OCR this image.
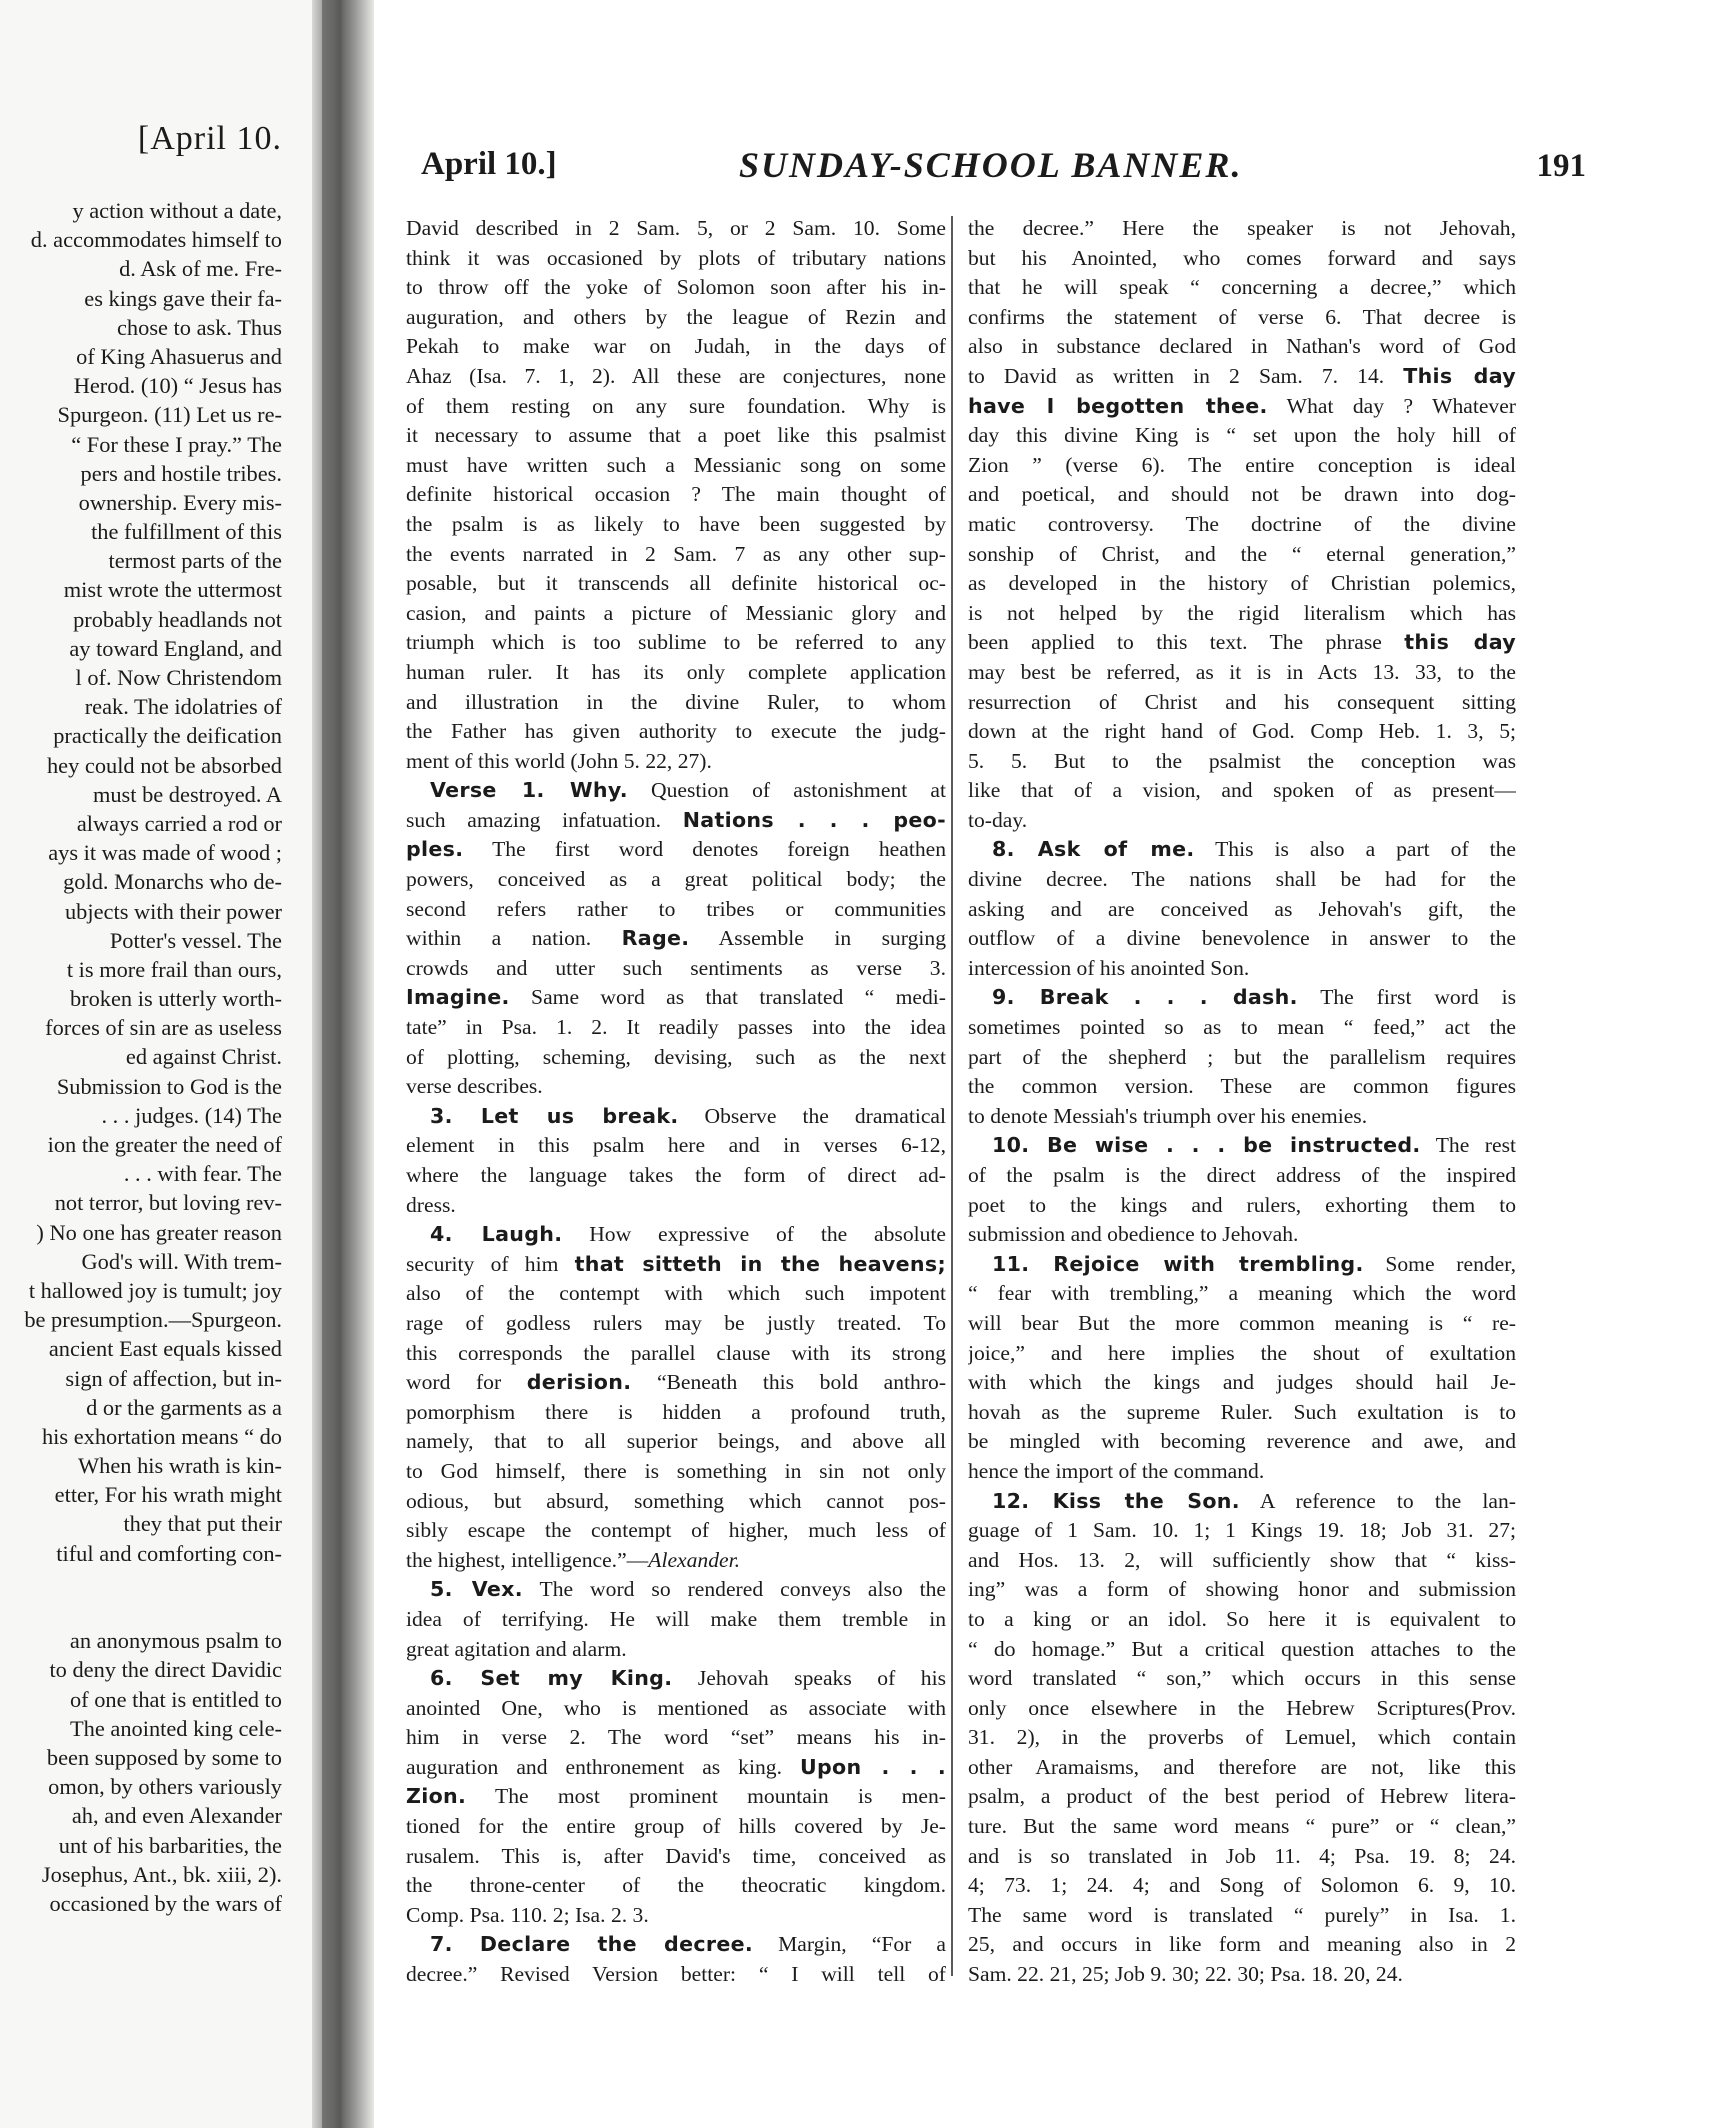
[April 10.
y action without a date,
d. accommodates himself to
d. Ask of me. Fre-
es kings gave their fa-
chose to ask. Thus
of King Ahasuerus and
Herod. (10) “ Jesus has
Spurgeon. (11) Let us re-
“ For these I pray.” The
pers and hostile tribes.
ownership. Every mis-
the fulfillment of this
termost parts of the
mist wrote the uttermost
probably headlands not
ay toward England, and
l of. Now Christendom
reak. The idolatries of
practically the deification
hey could not be absorbed
must be destroyed. A
always carried a rod or
ays it was made of wood ;
gold. Monarchs who de-
ubjects with their power
Potter's vessel. The
t is more frail than ours,
broken is utterly worth-
forces of sin are as useless
ed against Christ.
Submission to God is the
. . . judges. (14) The
ion the greater the need of
. . . with fear. The
not terror, but loving rev-
) No one has greater reason
God's will. With trem-
t hallowed joy is tumult; joy
be presumption.—Spurgeon.
ancient East equals kissed
sign of affection, but in-
d or the garments as a
his exhortation means “ do
When his wrath is kin-
etter, For his wrath might
they that put their
tiful and comforting con-
an anonymous psalm to
to deny the direct Davidic
of one that is entitled to
The anointed king cele-
been supposed by some to
omon, by others variously
ah, and even Alexander
unt of his barbarities, the
Josephus, Ant., bk. xiii, 2).
occasioned by the wars of
April 10.]	SUNDAY-SCHOOL BANNER.	191
David described in 2 Sam. 5, or 2 Sam. 10. Some
think it was occasioned by plots of tributary nations
to throw off the yoke of Solomon soon after his in-
auguration, and others by the league of Rezin and
Pekah to make war on Judah, in the days of
Ahaz (Isa. 7. 1, 2). All these are conjectures, none
of them resting on any sure foundation. Why is
it necessary to assume that a poet like this psalmist
must have written such a Messianic song on some
definite historical occasion ? The main thought of
the psalm is as likely to have been suggested by
the events narrated in 2 Sam. 7 as any other sup-
posable, but it transcends all definite historical oc-
casion, and paints a picture of Messianic glory and
triumph which is too sublime to be referred to any
human ruler. It has its only complete application
and illustration in the divine Ruler, to whom
the Father has given authority to execute the judg-
ment of this world (John 5. 22, 27).
Verse 1. Why. Question of astonishment at
such amazing infatuation. Nations . . . peo-
ples. The first word denotes foreign heathen
powers, conceived as a great political body; the
second refers rather to tribes or communities
within a nation. Rage. Assemble in surging
crowds and utter such sentiments as verse 3.
Imagine. Same word as that translated “ medi-
tate” in Psa. 1. 2. It readily passes into the idea
of plotting, scheming, devising, such as the next
verse describes.
3. Let us break. Observe the dramatical
element in this psalm here and in verses 6-12,
where the language takes the form of direct ad-
dress.
4. Laugh. How expressive of the absolute
security of him that sitteth in the heavens;
also of the contempt with which such impotent
rage of godless rulers may be justly treated. To
this corresponds the parallel clause with its strong
word for derision. “Beneath this bold anthro-
pomorphism there is hidden a profound truth,
namely, that to all superior beings, and above all
to God himself, there is something in sin not only
odious, but absurd, something which cannot pos-
sibly escape the contempt of higher, much less of
the highest, intelligence.”—Alexander.
5. Vex. The word so rendered conveys also the
idea of terrifying. He will make them tremble in
great agitation and alarm.
6. Set my King. Jehovah speaks of his
anointed One, who is mentioned as associate with
him in verse 2. The word “set” means his in-
auguration and enthronement as king. Upon . . .
Zion. The most prominent mountain is men-
tioned for the entire group of hills covered by Je-
rusalem. This is, after David's time, conceived as
the throne-center of the theocratic kingdom.
Comp. Psa. 110. 2; Isa. 2. 3.
7. Declare the decree. Margin, “For a
decree.” Revised Version better: “ I will tell of
the decree.” Here the speaker is not Jehovah,
but his Anointed, who comes forward and says
that he will speak “ concerning a decree,” which
confirms the statement of verse 6. That decree is
also in substance declared in Nathan's word of God
to David as written in 2 Sam. 7. 14. This day
have I begotten thee. What day ? Whatever
day this divine King is “ set upon the holy hill of
Zion ” (verse 6). The entire conception is ideal
and poetical, and should not be drawn into dog-
matic controversy. The doctrine of the divine
sonship of Christ, and the “ eternal generation,”
as developed in the history of Christian polemics,
is not helped by the rigid literalism which has
been applied to this text. The phrase this day
may best be referred, as it is in Acts 13. 33, to the
resurrection of Christ and his consequent sitting
down at the right hand of God. Comp Heb. 1. 3, 5;
5. 5. But to the psalmist the conception was
like that of a vision, and spoken of as present—
to-day.
8. Ask of me. This is also a part of the
divine decree. The nations shall be had for the
asking and are conceived as Jehovah's gift, the
outflow of a divine benevolence in answer to the
intercession of his anointed Son.
9. Break . . . dash. The first word is
sometimes pointed so as to mean “ feed,” act the
part of the shepherd ; but the parallelism requires
the common version. These are common figures
to denote Messiah's triumph over his enemies.
10. Be wise . . . be instructed. The rest
of the psalm is the direct address of the inspired
poet to the kings and rulers, exhorting them to
submission and obedience to Jehovah.
11. Rejoice with trembling. Some render,
“ fear with trembling,” a meaning which the word
will bear But the more common meaning is “ re-
joice,” and here implies the shout of exultation
with which the kings and judges should hail Je-
hovah as the supreme Ruler. Such exultation is to
be mingled with becoming reverence and awe, and
hence the import of the command.
12. Kiss the Son. A reference to the lan-
guage of 1 Sam. 10. 1; 1 Kings 19. 18; Job 31. 27;
and Hos. 13. 2, will sufficiently show that “ kiss-
ing” was a form of showing honor and submission
to a king or an idol. So here it is equivalent to
“ do homage.” But a critical question attaches to the
word translated “ son,” which occurs in this sense
only once elsewhere in the Hebrew Scriptures(Prov.
31. 2), in the proverbs of Lemuel, which contain
other Aramaisms, and therefore are not, like this
psalm, a product of the best period of Hebrew litera-
ture. But the same word means “ pure” or “ clean,”
and is so translated in Job 11. 4; Psa. 19. 8; 24.
4; 73. 1; 24. 4; and Song of Solomon 6. 9, 10.
The same word is translated “ purely” in Isa. 1.
25, and occurs in like form and meaning also in 2
Sam. 22. 21, 25; Job 9. 30; 22. 30; Psa. 18. 20, 24.
